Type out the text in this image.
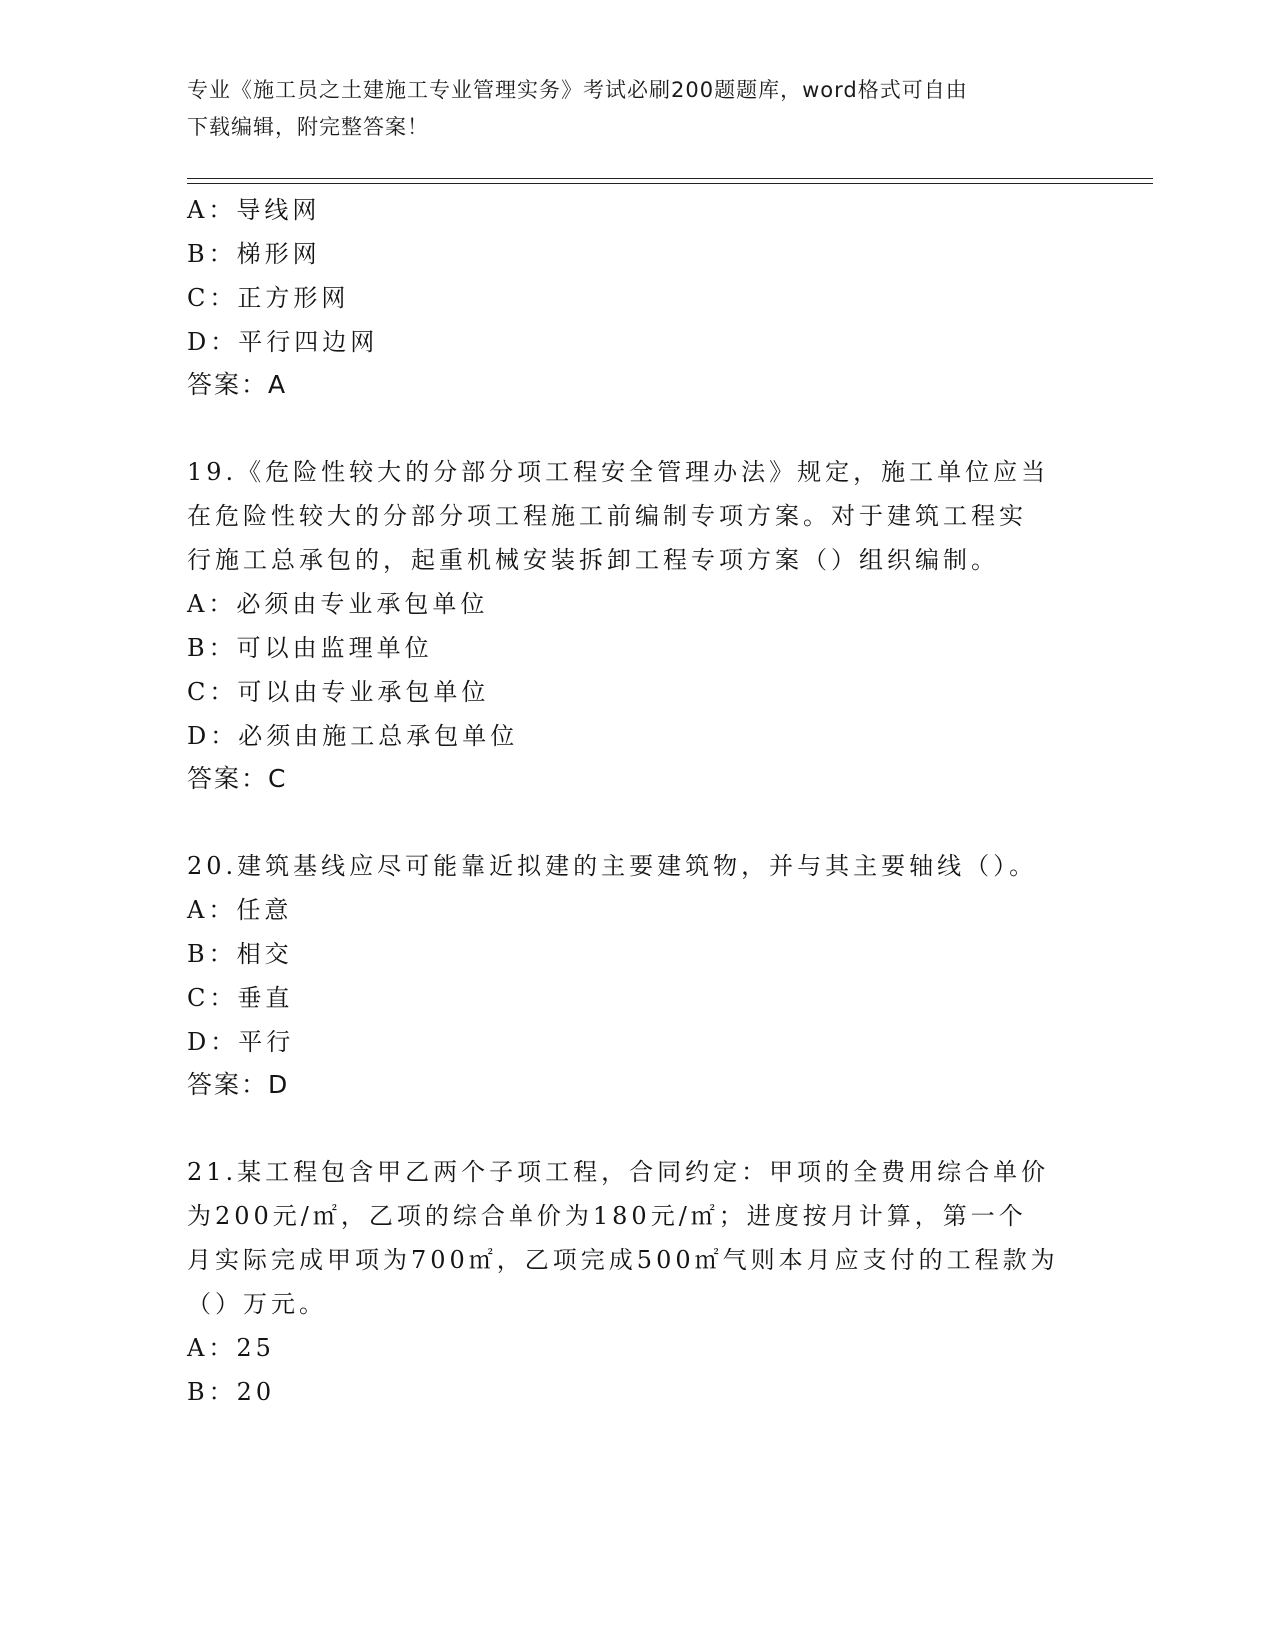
专业《施工员之土建施工专业管理实务》考试必刷200题题库，word格式可自由
下载编辑，附完整答案！
A：导线网
B：梯形网
C：正方形网
D：平行四边网
答案：A
19.《危险性较大的分部分项工程安全管理办法》规定，施工单位应当
在危险性较大的分部分项工程施工前编制专项方案。对于建筑工程实
行施工总承包的，起重机械安装拆卸工程专项方案（）组织编制。
A：必须由专业承包单位
B：可以由监理单位
C：可以由专业承包单位
D：必须由施工总承包单位
答案：C
20.建筑基线应尽可能靠近拟建的主要建筑物，并与其主要轴线（）。
A：任意
B：相交
C：垂直
D：平行
答案：D
21.某工程包含甲乙两个子项工程，合同约定：甲项的全费用综合单价
为200元/㎡，乙项的综合单价为180元/㎡；进度按月计算，第一个
月实际完成甲项为700㎡，乙项完成500㎡气则本月应支付的工程款为
（）万元。
A：25
B：20
